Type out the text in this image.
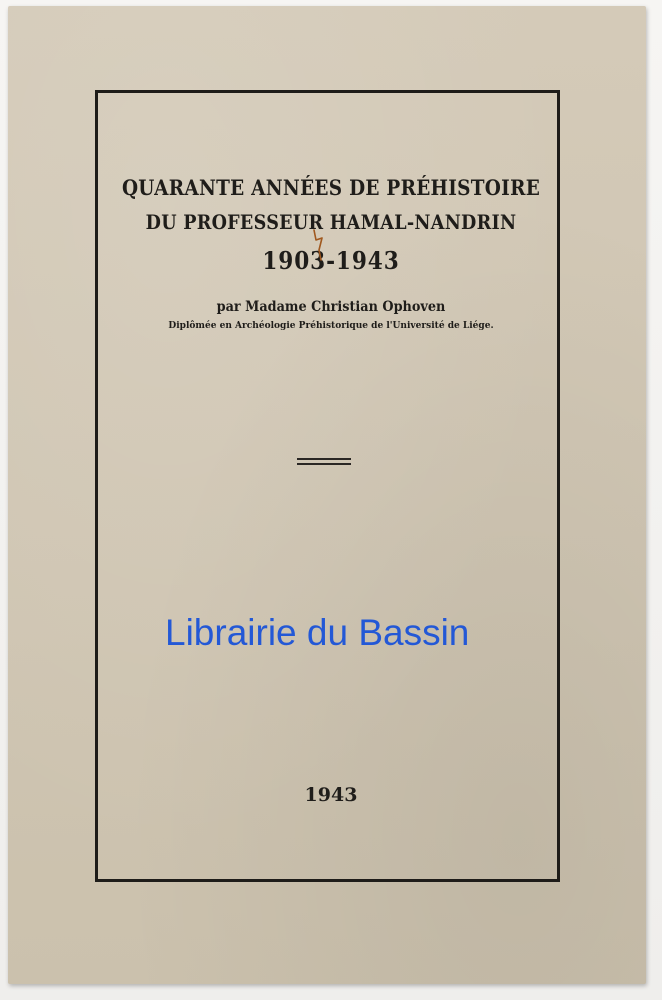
QUARANTE ANNÉES DE PRÉHISTOIRE

DU PROFESSEUR HAMAL-NANDRIN

1903-1943

par Madame Christian Ophoven

Diplômée en Archéologie Préhistorique de l'Université de Liége.

Librairie du Bassin

1943
